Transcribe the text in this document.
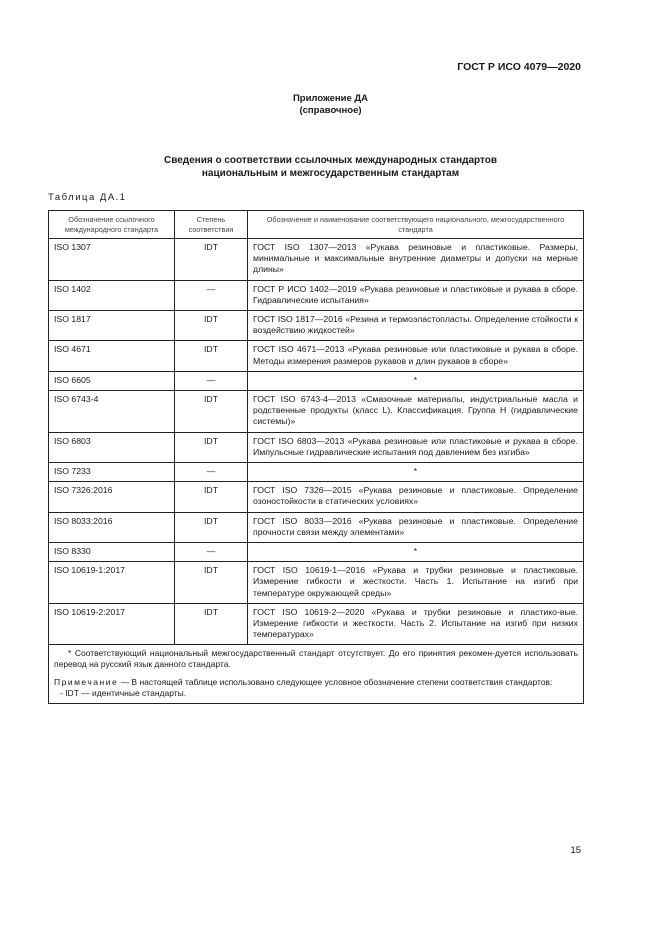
ГОСТ Р ИСО 4079—2020
Приложение ДА
(справочное)
Сведения о соответствии ссылочных международных стандартов
национальным и межгосударственным стандартам
Таблица ДА.1
Обозначение ссылочного международного стандарта	Степень соответствия	Обозначение и наименование соответствующего национального, межгосударственного стандарта
ISO 1307	IDT	ГОСТ ISO 1307—2013 «Рукава резиновые и пластиковые. Размеры, минимальные и максимальные внутренние диаметры и допуски на мерные длины»
ISO 1402	—	ГОСТ Р ИСО 1402—2019 «Рукава резиновые и пластиковые и рукава в сборе. Гидравлические испытания»
ISO 1817	IDT	ГОСТ ISO 1817—2016 «Резина и термоэластопласты. Определение стойкости к воздействию жидкостей»
ISO 4671	IDT	ГОСТ ISO 4671—2013 «Рукава резиновые или пластиковые и рукава в сборе. Методы измерения размеров рукавов и длин рукавов в сборе»
ISO 6605	—	*
ISO 6743-4	IDT	ГОСТ ISO 6743-4—2013 «Смазочные материалы, индустриальные масла и родственные продукты (класс L). Классификация. Группа H (гидравлические системы)»
ISO 6803	IDT	ГОСТ ISO 6803—2013 «Рукава резиновые или пластиковые и рукава в сборе. Импульсные гидравлические испытания под давлением без изгиба»
ISO 7233	—	*
ISO 7326:2016	IDT	ГОСТ ISO 7326—2015 «Рукава резиновые и пластиковые. Определение озоностойкости в статических условиях»
ISO 8033:2016	IDT	ГОСТ ISO 8033—2016 «Рукава резиновые и пластиковые. Определение прочности связи между элементами»
ISO 8330	—	*
ISO 10619-1:2017	IDT	ГОСТ ISO 10619-1—2016 «Рукава и трубки резиновые и пластиковые. Измерение гибкости и жесткости. Часть 1. Испытание на изгиб при температуре окружающей среды»
ISO 10619-2:2017	IDT	ГОСТ ISO 10619-2—2020 «Рукава и трубки резиновые и пластико-вые. Измерение гибкости и жесткости. Часть 2. Испытание на изгиб при низких температурах»

* Соответствующий национальный межгосударственный стандарт отсутствует. До его принятия рекомен-дуется использовать перевод на русский язык данного стандарта.

Примечание — В настоящей таблице использовано следующее условное обозначение степени соответствия стандартов:

- IDT — идентичные стандарты.		

15
